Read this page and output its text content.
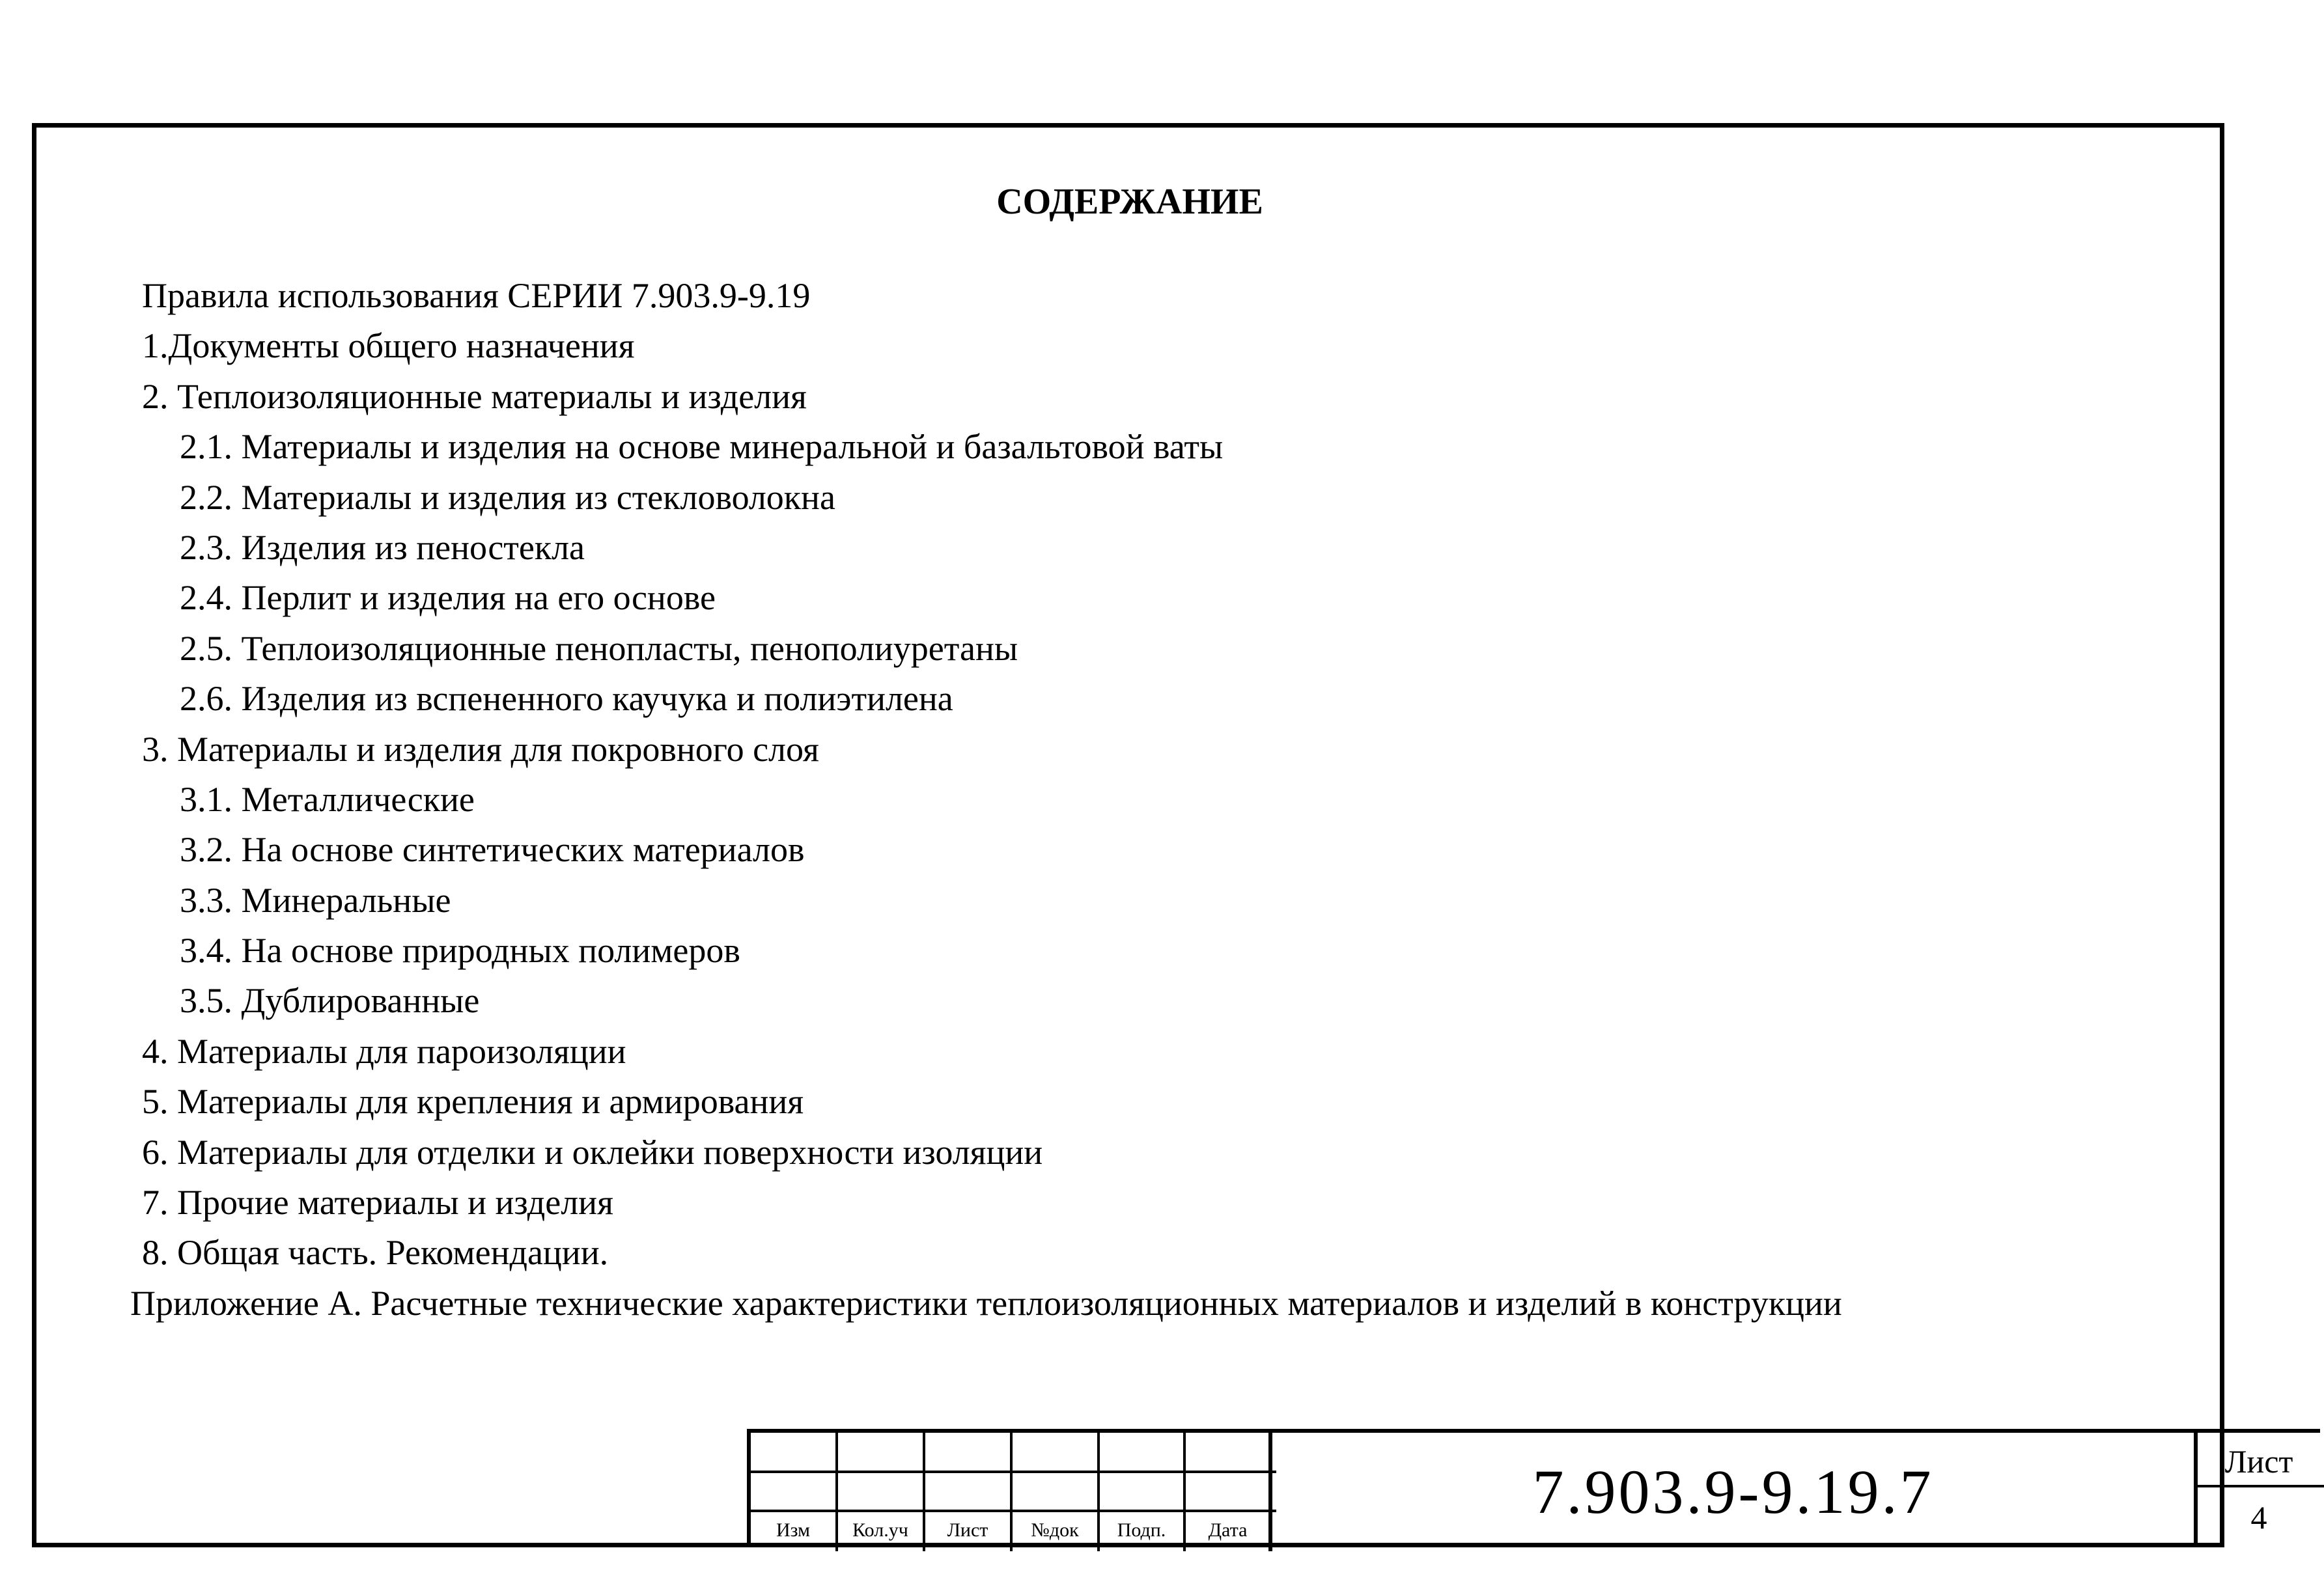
СОДЕРЖАНИЕ
Правила использования СЕРИИ 7.903.9-9.19
1.Документы общего назначения
2. Теплоизоляционные материалы и изделия
2.1. Материалы и изделия на основе минеральной и базальтовой ваты
2.2. Материалы и изделия из стекловолокна
2.3. Изделия из пеностекла
2.4. Перлит и изделия на его основе
2.5. Теплоизоляционные пенопласты, пенополиуретаны
2.6. Изделия из вспененного каучука и полиэтилена
3. Материалы и изделия для покровного слоя
3.1. Металлические
3.2. На основе синтетических материалов
3.3. Минеральные
3.4. На основе природных полимеров
3.5. Дублированные
4. Материалы для пароизоляции
5. Материалы для крепления и армирования
6. Материалы для отделки и оклейки поверхности изоляции
7. Прочие материалы и изделия
8. Общая часть. Рекомендации.
Приложение А. Расчетные технические характеристики теплоизоляционных материалов и изделий в конструкции
Изм	Кол.уч	Лист	№док	Подп.	Дата
7.903.9-9.19.7	Лист
4
